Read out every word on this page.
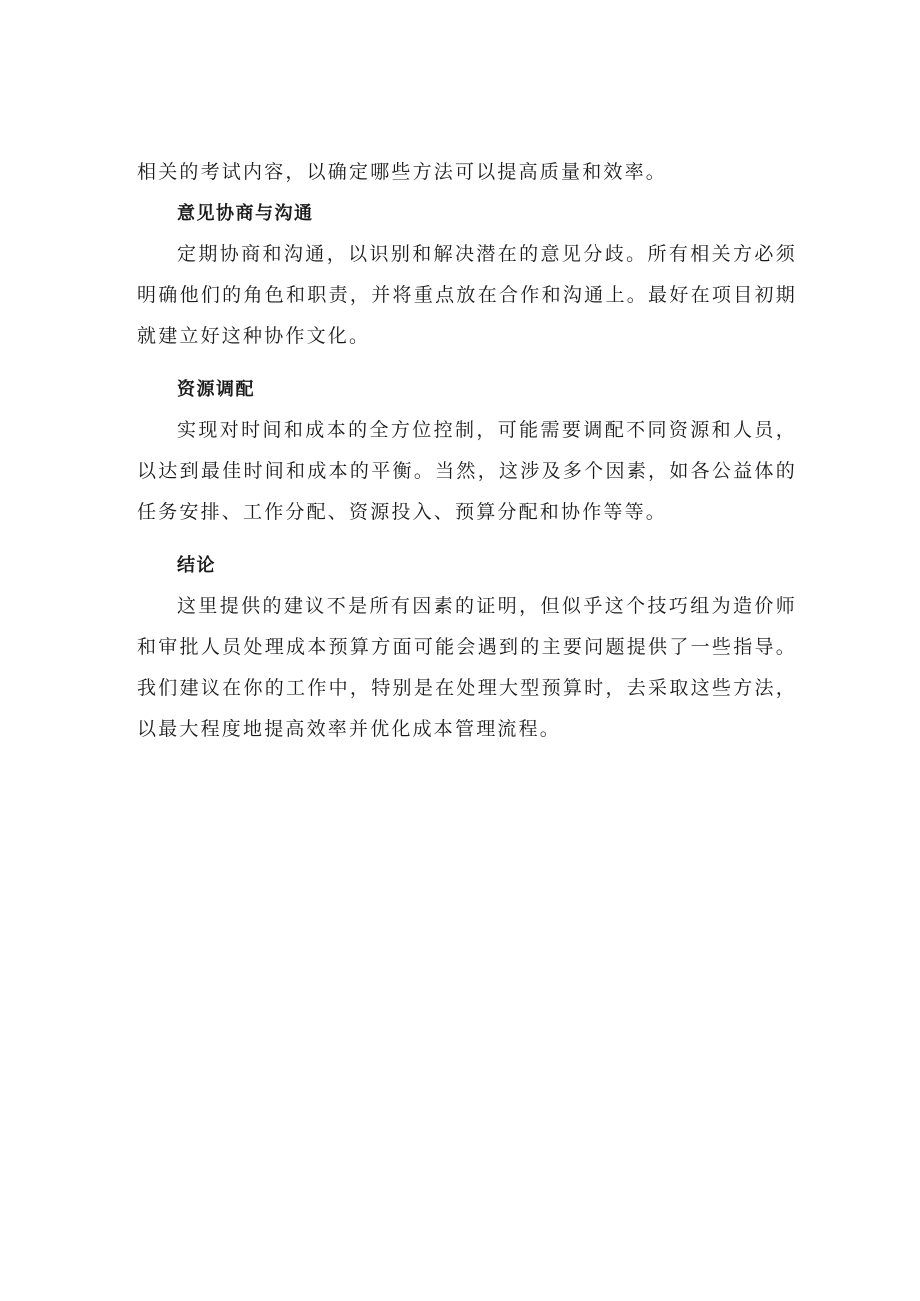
相关的考试内容，以确定哪些方法可以提高质量和效率。

意见协商与沟通

定期协商和沟通，以识别和解决潜在的意见分歧。所有相关方必须明确他们的角色和职责，并将重点放在合作和沟通上。最好在项目初期就建立好这种协作文化。

资源调配

实现对时间和成本的全方位控制，可能需要调配不同资源和人员，以达到最佳时间和成本的平衡。当然，这涉及多个因素，如各公益体的任务安排、工作分配、资源投入、预算分配和协作等等。

结论

这里提供的建议不是所有因素的证明，但似乎这个技巧组为造价师和审批人员处理成本预算方面可能会遇到的主要问题提供了一些指导。我们建议在你的工作中，特别是在处理大型预算时，去采取这些方法，以最大程度地提高效率并优化成本管理流程。
